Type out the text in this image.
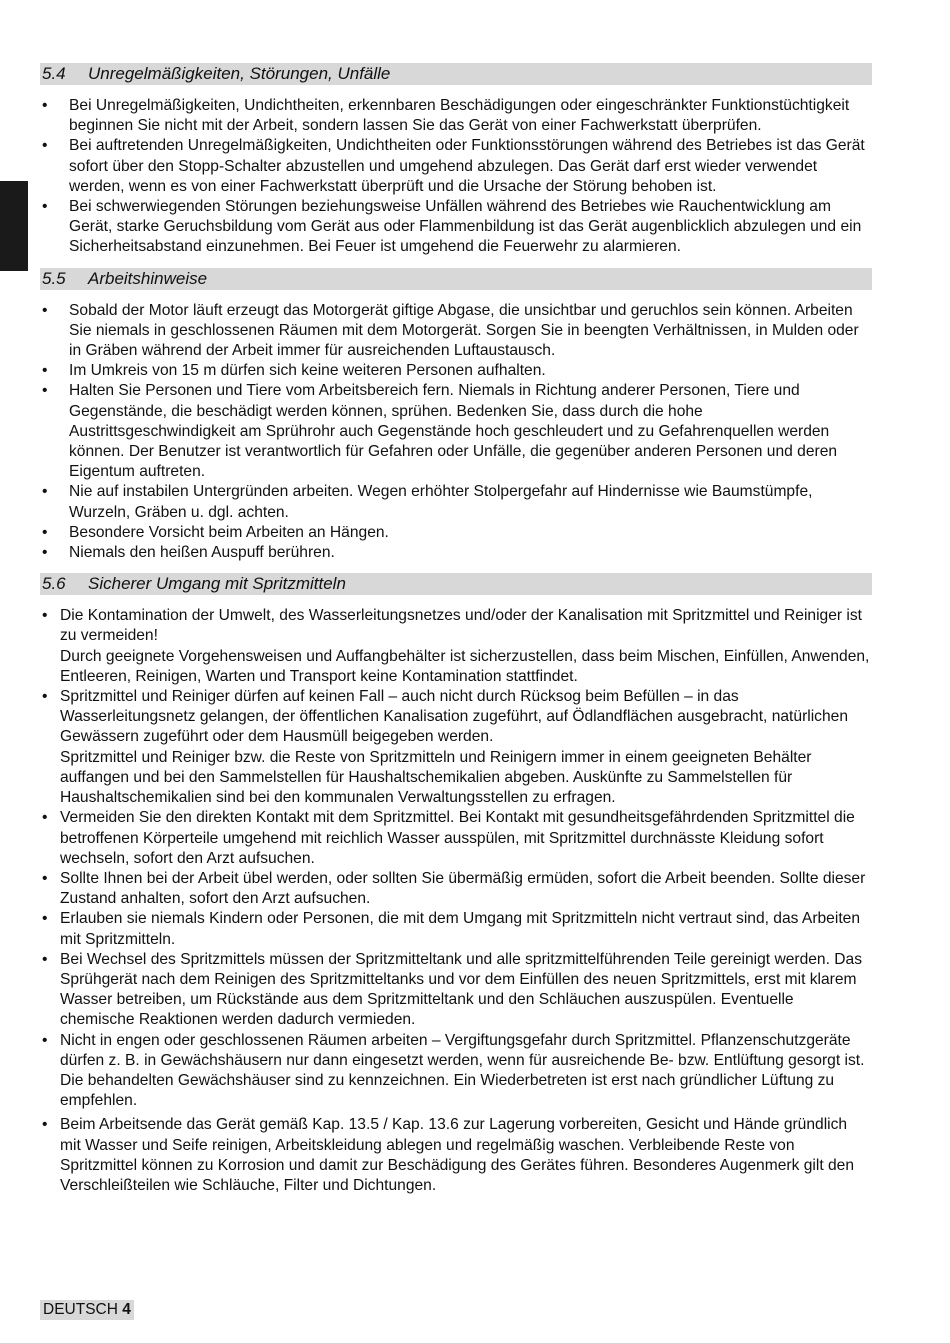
5.4 Unregelmäßigkeiten, Störungen, Unfälle
• Bei Unregelmäßigkeiten, Undichtheiten, erkennbaren Beschädigungen oder eingeschränkter Funktionstüchtigkeit beginnen Sie nicht mit der Arbeit, sondern lassen Sie das Gerät von einer Fachwerkstatt überprüfen.
• Bei auftretenden Unregelmäßigkeiten, Undichtheiten oder Funktionsstörungen während des Betriebes ist das Gerät sofort über den Stopp-Schalter abzustellen und umgehend abzulegen. Das Gerät darf erst wieder verwendet werden, wenn es von einer Fachwerkstatt überprüft und die Ursache der Störung behoben ist.
• Bei schwerwiegenden Störungen beziehungsweise Unfällen während des Betriebes wie Rauchentwicklung am Gerät, starke Geruchsbildung vom Gerät aus oder Flammenbildung ist das Gerät augenblicklich abzulegen und ein Sicherheitsabstand einzunehmen. Bei Feuer ist umgehend die Feuerwehr zu alarmieren.
5.5 Arbeitshinweise
• Sobald der Motor läuft erzeugt das Motorgerät giftige Abgase, die unsichtbar und geruchlos sein können. Arbeiten Sie niemals in geschlossenen Räumen mit dem Motorgerät. Sorgen Sie in beengten Verhältnissen, in Mulden oder in Gräben während der Arbeit immer für ausreichenden Luftaustausch.
• Im Umkreis von 15 m dürfen sich keine weiteren Personen aufhalten.
• Halten Sie Personen und Tiere vom Arbeitsbereich fern. Niemals in Richtung anderer Personen, Tiere und Gegenstände, die beschädigt werden können, sprühen. Bedenken Sie, dass durch die hohe Austrittsgeschwindigkeit am Sprührohr auch Gegenstände hoch geschleudert und zu Gefahrenquellen werden können. Der Benutzer ist verantwortlich für Gefahren oder Unfälle, die gegenüber anderen Personen und deren Eigentum auftreten.
• Nie auf instabilen Untergründen arbeiten. Wegen erhöhter Stolpergefahr auf Hindernisse wie Baumstümpfe, Wurzeln, Gräben u. dgl. achten.
• Besondere Vorsicht beim Arbeiten an Hängen.
• Niemals den heißen Auspuff berühren.
5.6 Sicherer Umgang mit Spritzmitteln
• Die Kontamination der Umwelt, des Wasserleitungsnetzes und/oder der Kanalisation mit Spritzmittel und Reiniger ist zu vermeiden!
Durch geeignete Vorgehensweisen und Auffangbehälter ist sicherzustellen, dass beim Mischen, Einfüllen, Anwenden, Entleeren, Reinigen, Warten und Transport keine Kontamination stattfindet.
• Spritzmittel und Reiniger dürfen auf keinen Fall – auch nicht durch Rücksog beim Befüllen – in das Wasserleitungsnetz gelangen, der öffentlichen Kanalisation zugeführt, auf Ödlandflächen ausgebracht, natürlichen Gewässern zugeführt oder dem Hausmüll beigegeben werden.
Spritzmittel und Reiniger bzw. die Reste von Spritzmitteln und Reinigern immer in einem geeigneten Behälter auffangen und bei den Sammelstellen für Haushaltschemikalien abgeben. Auskünfte zu Sammelstellen für Haushaltschemikalien sind bei den kommunalen Verwaltungsstellen zu erfragen.
• Vermeiden Sie den direkten Kontakt mit dem Spritzmittel. Bei Kontakt mit gesundheitsgefährdenden Spritzmittel die betroffenen Körperteile umgehend mit reichlich Wasser ausspülen, mit Spritzmittel durchnässte Kleidung sofort wechseln, sofort den Arzt aufsuchen.
• Sollte Ihnen bei der Arbeit übel werden, oder sollten Sie übermäßig ermüden, sofort die Arbeit beenden. Sollte dieser Zustand anhalten, sofort den Arzt aufsuchen.
• Erlauben sie niemals Kindern oder Personen, die mit dem Umgang mit Spritzmitteln nicht vertraut sind, das Arbeiten mit Spritzmitteln.
• Bei Wechsel des Spritzmittels müssen der Spritzmitteltank und alle spritzmittelführenden Teile gereinigt werden. Das Sprühgerät nach dem Reinigen des Spritzmitteltanks und vor dem Einfüllen des neuen Spritzmittels, erst mit klarem Wasser betreiben, um Rückstände aus dem Spritzmitteltank und den Schläuchen auszuspülen. Eventuelle chemische Reaktionen werden dadurch vermieden.
• Nicht in engen oder geschlossenen Räumen arbeiten – Vergiftungsgefahr durch Spritzmittel. Pflanzenschutzgeräte dürfen z. B. in Gewächshäusern nur dann eingesetzt werden, wenn für ausreichende Be- bzw. Entlüftung gesorgt ist. Die behandelten Gewächshäuser sind zu kennzeichnen. Ein Wiederbetreten ist erst nach gründlicher Lüftung zu empfehlen.
• Beim Arbeitsende das Gerät gemäß Kap. 13.5 / Kap. 13.6 zur Lagerung vorbereiten, Gesicht und Hände gründlich mit Wasser und Seife reinigen, Arbeitskleidung ablegen und regelmäßig waschen. Verbleibende Reste von Spritzmittel können zu Korrosion und damit zur Beschädigung des Gerätes führen. Besonderes Augenmerk gilt den Verschleißteilen wie Schläuche, Filter und Dichtungen.
DEUTSCH 4
